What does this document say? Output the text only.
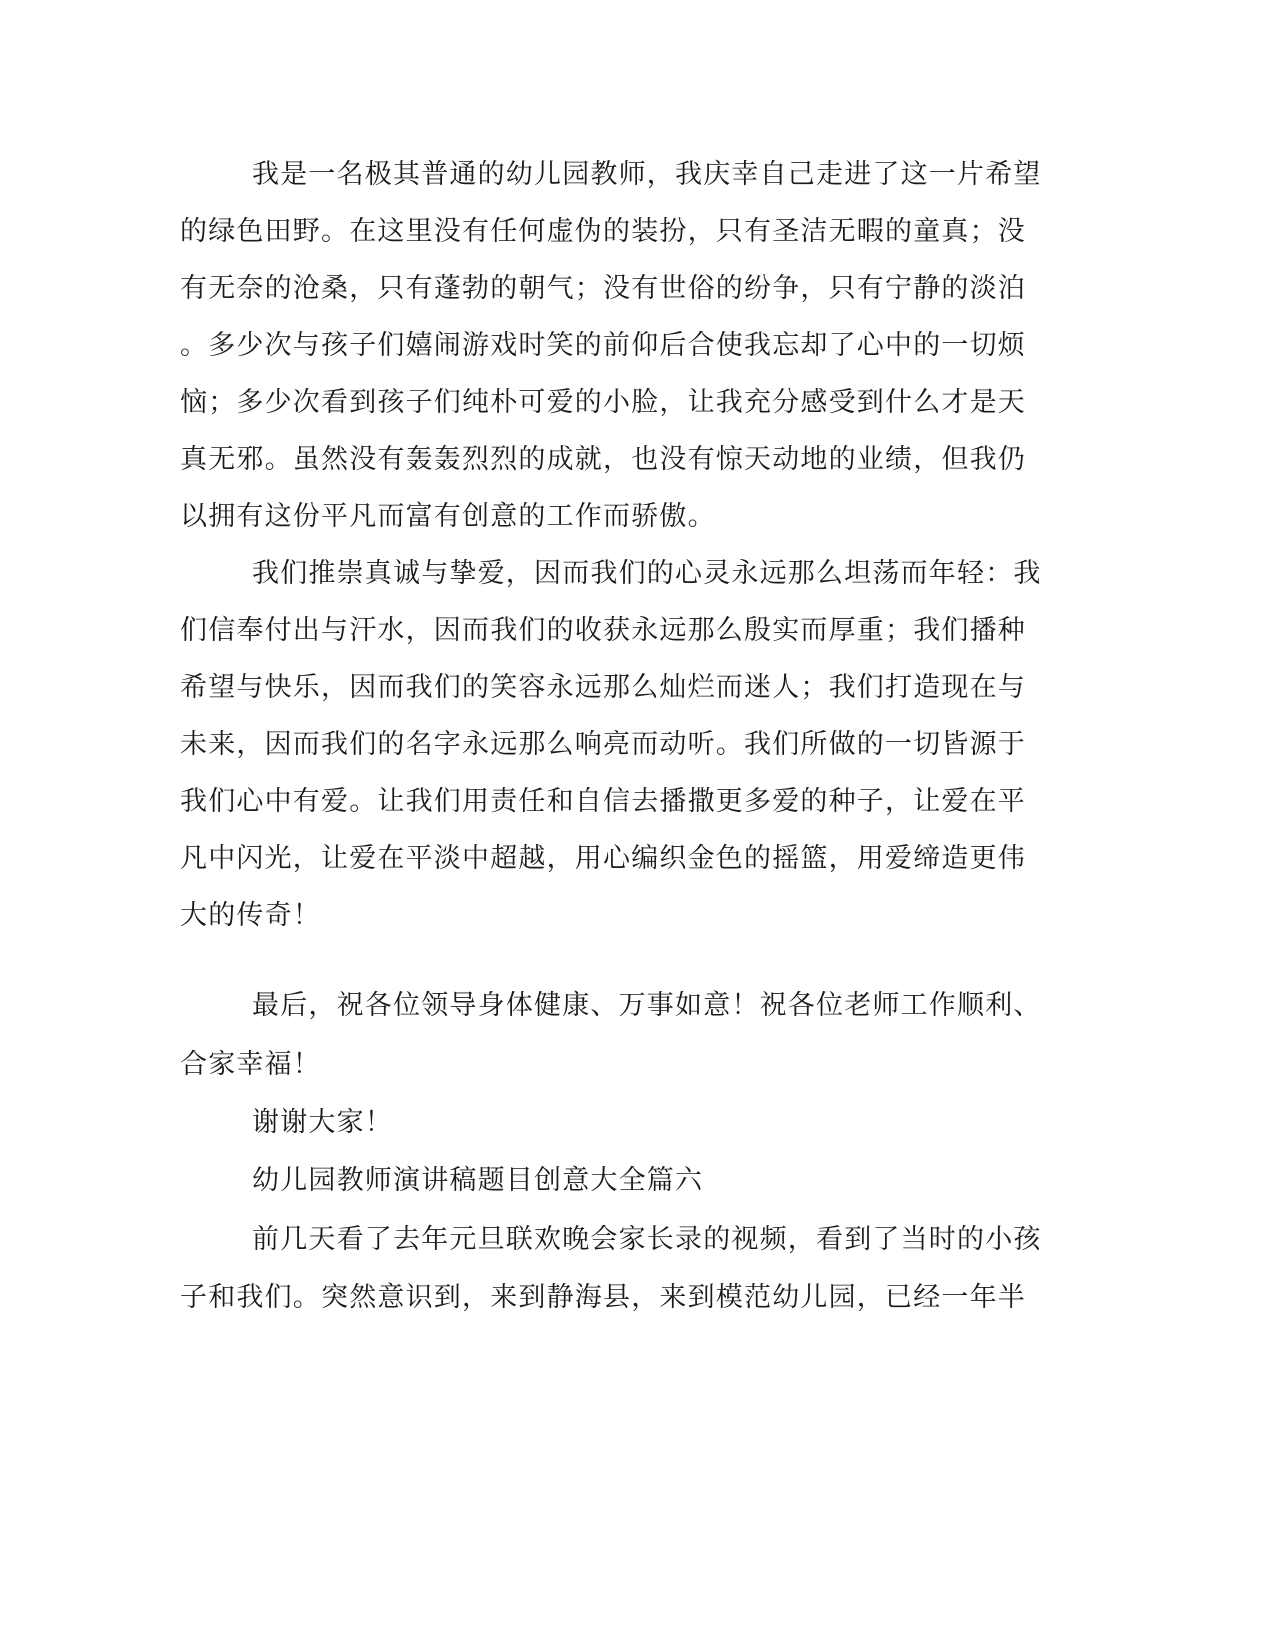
我是一名极其普通的幼儿园教师，我庆幸自己走进了这一片希望
的绿色田野。在这里没有任何虚伪的装扮，只有圣洁无暇的童真；没
有无奈的沧桑，只有蓬勃的朝气；没有世俗的纷争，只有宁静的淡泊
。多少次与孩子们嬉闹游戏时笑的前仰后合使我忘却了心中的一切烦
恼；多少次看到孩子们纯朴可爱的小脸，让我充分感受到什么才是天
真无邪。虽然没有轰轰烈烈的成就，也没有惊天动地的业绩，但我仍
以拥有这份平凡而富有创意的工作而骄傲。
我们推崇真诚与挚爱，因而我们的心灵永远那么坦荡而年轻：我
们信奉付出与汗水，因而我们的收获永远那么殷实而厚重；我们播种
希望与快乐，因而我们的笑容永远那么灿烂而迷人；我们打造现在与
未来，因而我们的名字永远那么响亮而动听。我们所做的一切皆源于
我们心中有爱。让我们用责任和自信去播撒更多爱的种子，让爱在平
凡中闪光，让爱在平淡中超越，用心编织金色的摇篮，用爱缔造更伟
大的传奇！
最后，祝各位领导身体健康、万事如意！祝各位老师工作顺利、
合家幸福！
谢谢大家！
幼儿园教师演讲稿题目创意大全篇六
前几天看了去年元旦联欢晚会家长录的视频，看到了当时的小孩
子和我们。突然意识到，来到静海县，来到模范幼儿园，已经一年半
